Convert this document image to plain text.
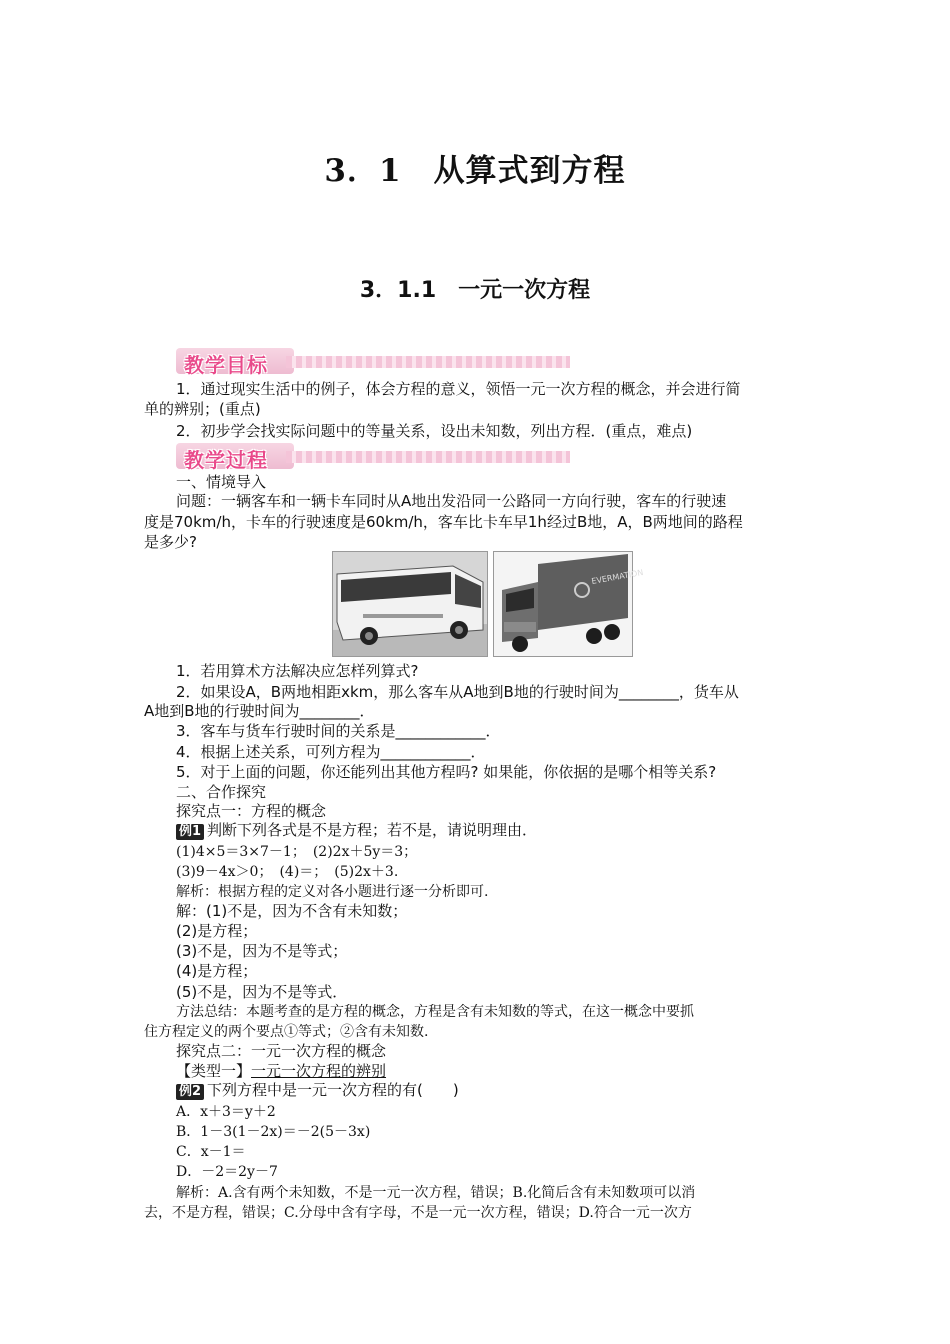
3．1　从算式到方程
3．1.1　一元一次方程
教学目标
1．通过现实生活中的例子，体会方程的意义，领悟一元一次方程的概念，并会进行简
单的辨别；(重点)
2．初步学会找实际问题中的等量关系，设出未知数，列出方程．(重点，难点)
教学过程
一、情境导入
问题：一辆客车和一辆卡车同时从A地出发沿同一公路同一方向行驶，客车的行驶速
度是70km/h，卡车的行驶速度是60km/h，客车比卡车早1h经过B地，A，B两地间的路程
是多少?
EVERMATION
1．若用算术方法解决应怎样列算式?
2．如果设A，B两地相距xkm，那么客车从A地到B地的行驶时间为________，货车从
A地到B地的行驶时间为________．
3．客车与货车行驶时间的关系是____________．
4．根据上述关系，可列方程为____________．
5．对于上面的问题，你还能列出其他方程吗? 如果能，你依据的是哪个相等关系?
二、合作探究
探究点一：方程的概念
例1 判断下列各式是不是方程；若不是，请说明理由．
(1)4×5＝3×7－1；　(2)2x＋5y＝3；
(3)9－4x＞0；　(4)＝；　(5)2x＋3.
解析：根据方程的定义对各小题进行逐一分析即可.
解：(1)不是，因为不含有未知数；
(2)是方程；
(3)不是，因为不是等式；
(4)是方程；
(5)不是，因为不是等式．
方法总结：本题考查的是方程的概念，方程是含有未知数的等式，在这一概念中要抓
住方程定义的两个要点①等式；②含有未知数.
探究点二：一元一次方程的概念
【类型一】一元一次方程的辨别
例2 下列方程中是一元一次方程的有(　　)
A．x＋3＝y＋2
B．1－3(1－2x)＝－2(5－3x)
C．x－1＝
D．－2＝2y－7
解析：A.含有两个未知数，不是一元一次方程，错误；B.化简后含有未知数项可以消
去，不是方程，错误；C.分母中含有字母，不是一元一次方程，错误；D.符合一元一次方
